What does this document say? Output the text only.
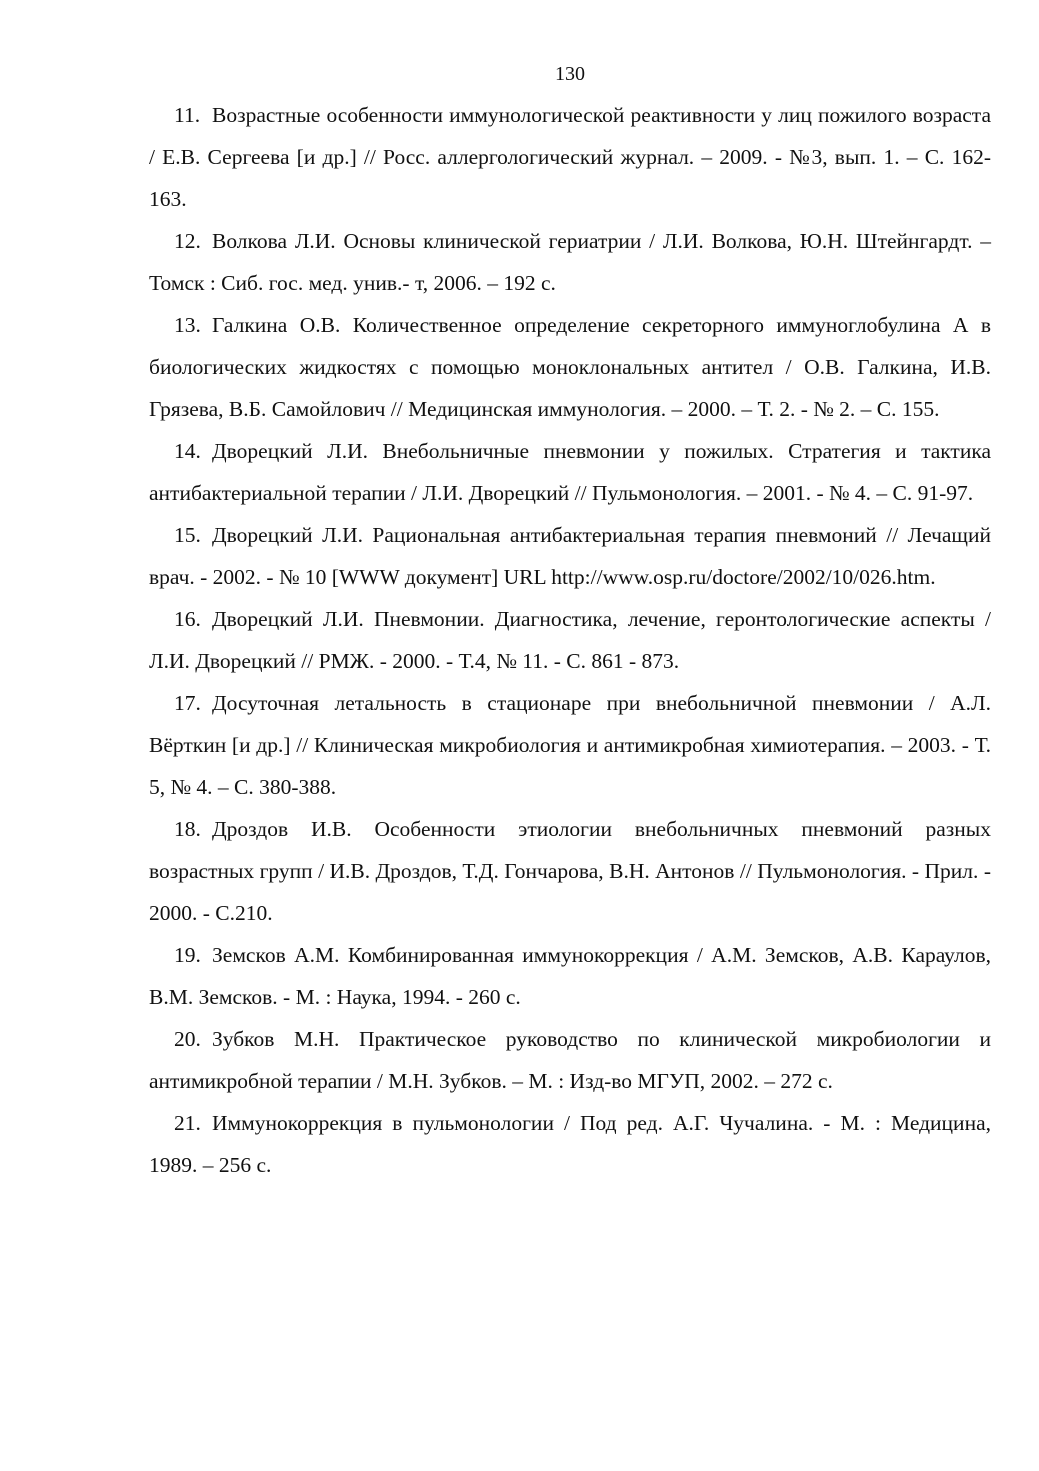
130
11. Возрастные особенности иммунологической реактивности у лиц пожилого возраста / Е.В. Сергеева [и др.] // Росс. аллергологический журнал. – 2009. - №3, вып. 1. – С. 162-163.
12. Волкова Л.И. Основы клинической гериатрии / Л.И. Волкова, Ю.Н. Штейнгардт. – Томск : Сиб. гос. мед. унив.- т, 2006. – 192 с.
13. Галкина О.В. Количественное определение секреторного иммуноглобулина А в биологических жидкостях с помощью моноклональных антител / О.В. Галкина, И.В. Грязева, В.Б. Самойлович // Медицинская иммунология. – 2000. – Т. 2. - № 2. – С. 155.
14. Дворецкий Л.И. Внебольничные пневмонии у пожилых. Стратегия и тактика антибактериальной терапии / Л.И. Дворецкий // Пульмонология. – 2001. - № 4. – С. 91-97.
15. Дворецкий Л.И. Рациональная антибактериальная терапия пневмоний // Лечащий врач. - 2002. - № 10 [WWW документ] URL http://www.osp.ru/doctore/2002/10/026.htm.
16. Дворецкий Л.И. Пневмонии. Диагностика, лечение, геронтологические аспекты / Л.И. Дворецкий // РМЖ. - 2000. - Т.4, № 11. - С. 861 - 873.
17. Досуточная летальность в стационаре при внебольничной пневмонии / А.Л. Вёрткин [и др.] // Клиническая микробиология и антимикробная химиотерапия. – 2003. - Т. 5, № 4. – С. 380-388.
18. Дроздов И.В. Особенности этиологии внебольничных пневмоний разных возрастных групп / И.В. Дроздов, Т.Д. Гончарова, В.Н. Антонов // Пульмонология. - Прил. - 2000. - С.210.
19. Земсков А.М. Комбинированная иммунокоррекция / А.М. Земсков, А.В. Караулов, В.М. Земсков. - М. : Наука, 1994. - 260 с.
20. Зубков М.Н. Практическое руководство по клинической микробиологии и антимикробной терапии / М.Н. Зубков. – М. : Изд-во МГУП, 2002. – 272 с.
21. Иммунокоррекция в пульмонологии / Под ред. А.Г. Чучалина. - М. : Медицина, 1989. – 256 с.
